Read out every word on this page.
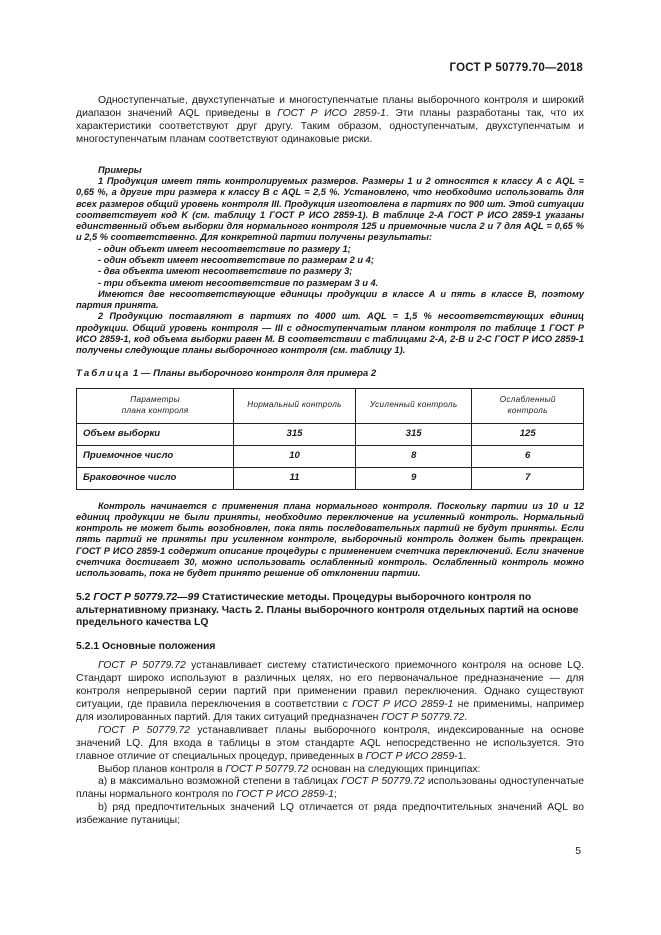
ГОСТ Р 50779.70—2018

Одноступенчатые, двухступенчатые и многоступенчатые планы выборочного контроля и широкий диапазон значений AQL приведены в ГОСТ Р ИСО 2859-1. Эти планы разработаны так, что их характеристики соответствуют друг другу. Таким образом, одноступенчатым, двухступенчатым и многоступенчатым планам соответствуют одинаковые риски.

Примеры

1 Продукция имеет пять контролируемых размеров. Размеры 1 и 2 относятся к классу А с AQL = 0,65 %, а другие три размера к классу В с AQL = 2,5 %. Установлено, что необходимо использовать для всех размеров общий уровень контроля III. Продукция изготовлена в партиях по 900 шт. Этой ситуации соответствует код K (см. таблицу 1 ГОСТ Р ИСО 2859-1). В таблице 2-А ГОСТ Р ИСО 2859-1 указаны единственный объем выборки для нормального контроля 125 и приемочные числа 2 и 7 для AQL = 0,65 % и 2,5 % соответственно. Для конкретной партии получены результаты:

- один объект имеет несоответствие по размеру 1;

- один объект имеет несоответствие по размерам 2 и 4;

- два объекта имеют несоответствие по размеру 3;

- три объекта имеют несоответствие по размерам 3 и 4.

Имеются две несоответствующие единицы продукции в классе А и пять в классе В, поэтому партия принята.

2 Продукцию поставляют в партиях по 4000 шт. AQL = 1,5 % несоответствующих единиц продукции. Общий уровень контроля — III с одноступенчатым планом контроля по таблице 1 ГОСТ Р ИСО 2859-1, код объема выборки равен M. В соответствии с таблицами 2-А, 2-В и 2-С ГОСТ Р ИСО 2859-1 получены следующие планы выборочного контроля (см. таблицу 1).

Таблица 1 — Планы выборочного контроля для примера 2
Параметры
плана контроля	Нормальный контроль	Усиленный контроль	Ослабленный
контроль
Объем выборки	315	315	125
Приемочное число	10	8	6
Браковочное число	11	9	7

Контроль начинается с применения плана нормального контроля. Поскольку партии из 10 и 12 единиц продукции не были приняты, необходимо переключение на усиленный контроль. Нормальный контроль не может быть возобновлен, пока пять последовательных партий не будут приняты. Если пять партий не приняты при усиленном контроле, выборочный контроль должен быть прекращен. ГОСТ Р ИСО 2859-1 содержит описание процедуры с применением счетчика переключений. Если значение счетчика достигает 30, можно использовать ослабленный контроль. Ослабленный контроль можно использовать, пока не будет принято решение об отклонении партии.

5.2 ГОСТ Р 50779.72—99 Статистические методы. Процедуры выборочного контроля по альтернативному признаку. Часть 2. Планы выборочного контроля отдельных партий на основе предельного качества LQ
5.2.1 Основные положения

ГОСТ Р 50779.72 устанавливает систему статистического приемочного контроля на основе LQ. Стандарт широко используют в различных целях, но его первоначальное предназначение — для контроля непрерывной серии партий при применении правил переключения. Однако существуют ситуации, где правила переключения в соответствии с ГОСТ Р ИСО 2859-1 не применимы, например для изолированных партий. Для таких ситуаций предназначен ГОСТ Р 50779.72.

ГОСТ Р 50779.72 устанавливает планы выборочного контроля, индексированные на основе значений LQ. Для входа в таблицы в этом стандарте AQL непосредственно не используется. Это главное отличие от специальных процедур, приведенных в ГОСТ Р ИСО 2859-1.

Выбор планов контроля в ГОСТ Р 50779.72 основан на следующих принципах:

a) в максимально возможной степени в таблицах ГОСТ Р 50779.72 использованы одноступенчатые планы нормального контроля по ГОСТ Р ИСО 2859-1;

b) ряд предпочтительных значений LQ отличается от ряда предпочтительных значений AQL во избежание путаницы;

5
